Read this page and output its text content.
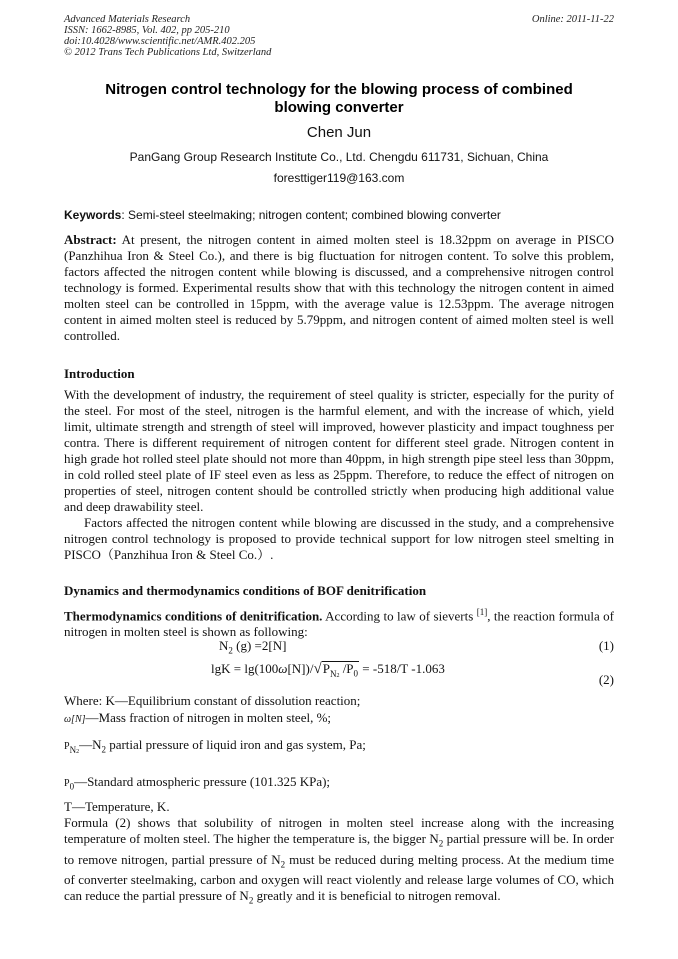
Advanced Materials Research
ISSN: 1662-8985, Vol. 402, pp 205-210
doi:10.4028/www.scientific.net/AMR.402.205
© 2012 Trans Tech Publications Ltd, Switzerland
Online: 2011-11-22
Nitrogen control technology for the blowing process of combined
blowing converter
Chen Jun
PanGang Group Research Institute Co., Ltd. Chengdu 611731, Sichuan, China
foresttiger119@163.com
Keywords: Semi-steel steelmaking; nitrogen content; combined blowing converter
Abstract: At present, the nitrogen content in aimed molten steel is 18.32ppm on average in PISCO (Panzhihua Iron & Steel Co.), and there is big fluctuation for nitrogen content. To solve this problem, factors affected the nitrogen content while blowing is discussed, and a comprehensive nitrogen control technology is formed. Experimental results show that with this technology the nitrogen content in aimed molten steel can be controlled in 15ppm, with the average value is 12.53ppm. The average nitrogen content in aimed molten steel is reduced by 5.79ppm, and nitrogen content of aimed molten steel is well controlled.
Introduction
With the development of industry, the requirement of steel quality is stricter, especially for the purity of the steel. For most of the steel, nitrogen is the harmful element, and with the increase of which, yield limit, ultimate strength and strength of steel will improved, however plasticity and impact toughness per contra. There is different requirement of nitrogen content for different steel grade. Nitrogen content in high grade hot rolled steel plate should not more than 40ppm, in high strength pipe steel less than 30ppm, in cold rolled steel plate of IF steel even as less as 25ppm. Therefore, to reduce the effect of nitrogen on properties of steel, nitrogen content should be controlled strictly when producing high additional value and deep drawability steel.
Factors affected the nitrogen content while blowing are discussed in the study, and a comprehensive nitrogen control technology is proposed to provide technical support for low nitrogen steel smelting in PISCO（Panzhihua Iron & Steel Co.）.
Dynamics and thermodynamics conditions of BOF denitrification
Thermodynamics conditions of denitrification. According to law of sieverts [1], the reaction formula of nitrogen in molten steel is shown as following:
$N_2$ (g) =2[N]	(1)
$\lg K = \lg(100\omega[N])/√P_{N2}$ $/P_0 = -518/T$ -1.063
(2)
Where: K—Equilibrium constant of dissolution reaction;
ω[N]—Mass fraction of nitrogen in molten steel, %;
$P_{N2}—N_2$ partial pressure of liquid iron and gas system, Pa;
$P_0—Standard$ atmospheric pressure (101.325 KPa);
T—Temperature, K.
Formula (2) shows that solubility of nitrogen in molten steel increase along with the increasing temperature of molten steel. The higher the temperature is, the bigger $N_2$ partial pressure will be. In order to remove nitrogen, partial pressure of $N_2$ must be reduced during melting process. At the medium time of converter steelmaking, carbon and oxygen will react violently and release large volumes of CO, which can reduce the partial pressure of $N_2$ greatly and it is beneficial to nitrogen removal.
